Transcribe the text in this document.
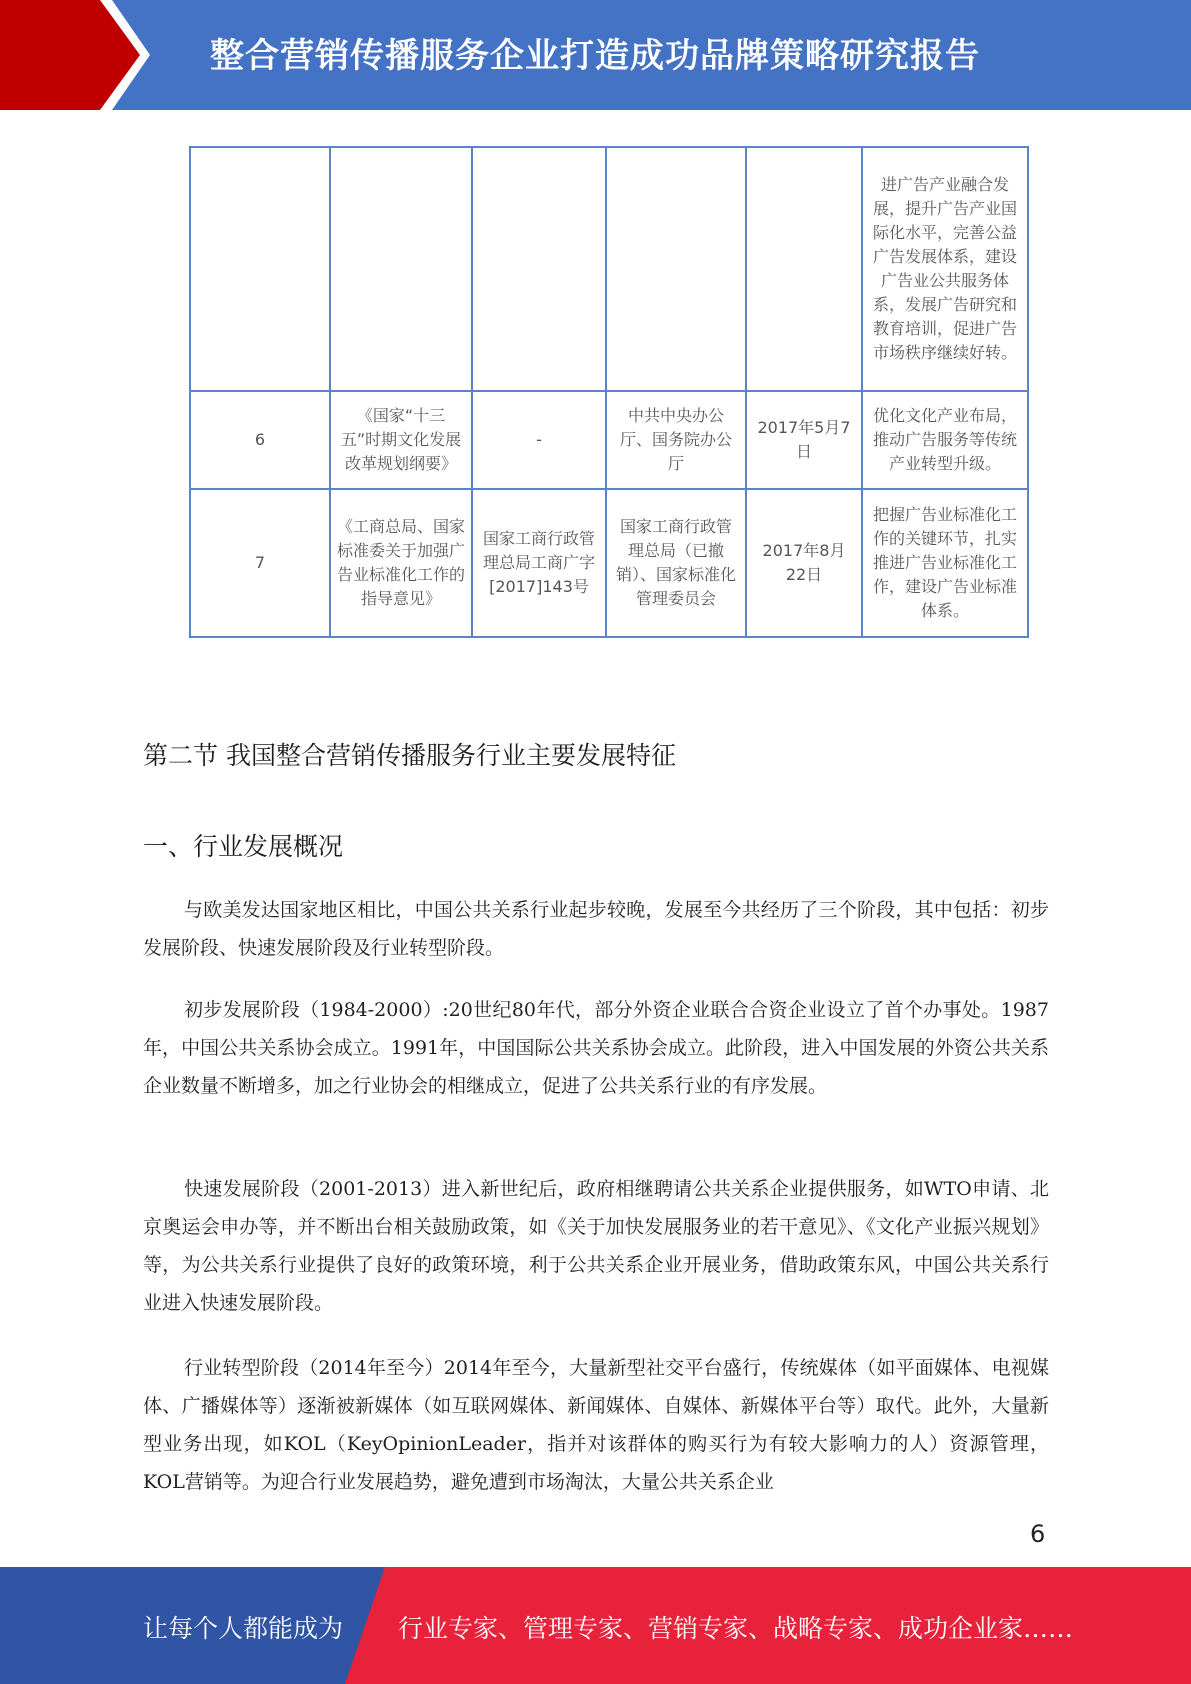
整合营销传播服务企业打造成功品牌策略研究报告
					进广告产业融合发展，提升广告产业国际化水平，完善公益广告发展体系，建设广告业公共服务体系，发展广告研究和教育培训，促进广告市场秩序继续好转。
6	《国家“十三五”时期文化发展改革规划纲要》	-	中共中央办公厅、国务院办公厅	2017年5月7日	优化文化产业布局，推动广告服务等传统产业转型升级。
7	《工商总局、国家标准委关于加强广告业标准化工作的指导意见》	国家工商行政管理总局工商广字[2017]143号	国家工商行政管理总局（已撤销）、国家标准化管理委员会	2017年8月22日	把握广告业标准化工作的关键环节，扎实推进广告业标准化工作，建设广告业标准体系。
第二节 我国整合营销传播服务行业主要发展特征
一、行业发展概况

与欧美发达国家地区相比，中国公共关系行业起步较晚，发展至今共经历了三个阶段，其中包括：初步发展阶段、快速发展阶段及行业转型阶段。

初步发展阶段（1984-2000）:20世纪80年代，部分外资企业联合合资企业设立了首个办事处。1987年，中国公共关系协会成立。1991年，中国国际公共关系协会成立。此阶段，进入中国发展的外资公共关系企业数量不断增多，加之行业协会的相继成立，促进了公共关系行业的有序发展。

快速发展阶段（2001-2013）进入新世纪后，政府相继聘请公共关系企业提供服务，如WTO申请、北京奥运会申办等，并不断出台相关鼓励政策，如《关于加快发展服务业的若干意见》、《文化产业振兴规划》等，为公共关系行业提供了良好的政策环境，利于公共关系企业开展业务，借助政策东风，中国公共关系行业进入快速发展阶段。

行业转型阶段（2014年至今）2014年至今，大量新型社交平台盛行，传统媒体（如平面媒体、电视媒体、广播媒体等）逐渐被新媒体（如互联网媒体、新闻媒体、自媒体、新媒体平台等）取代。此外，大量新型业务出现，如KOL（KeyOpinionLeader，指并对该群体的购买行为有较大影响力的人）资源管理，KOL营销等。为迎合行业发展趋势，避免遭到市场淘汰，大量公共关系企业

6
让每个人都能成为 行业专家、管理专家、营销专家、战略专家、成功企业家……
